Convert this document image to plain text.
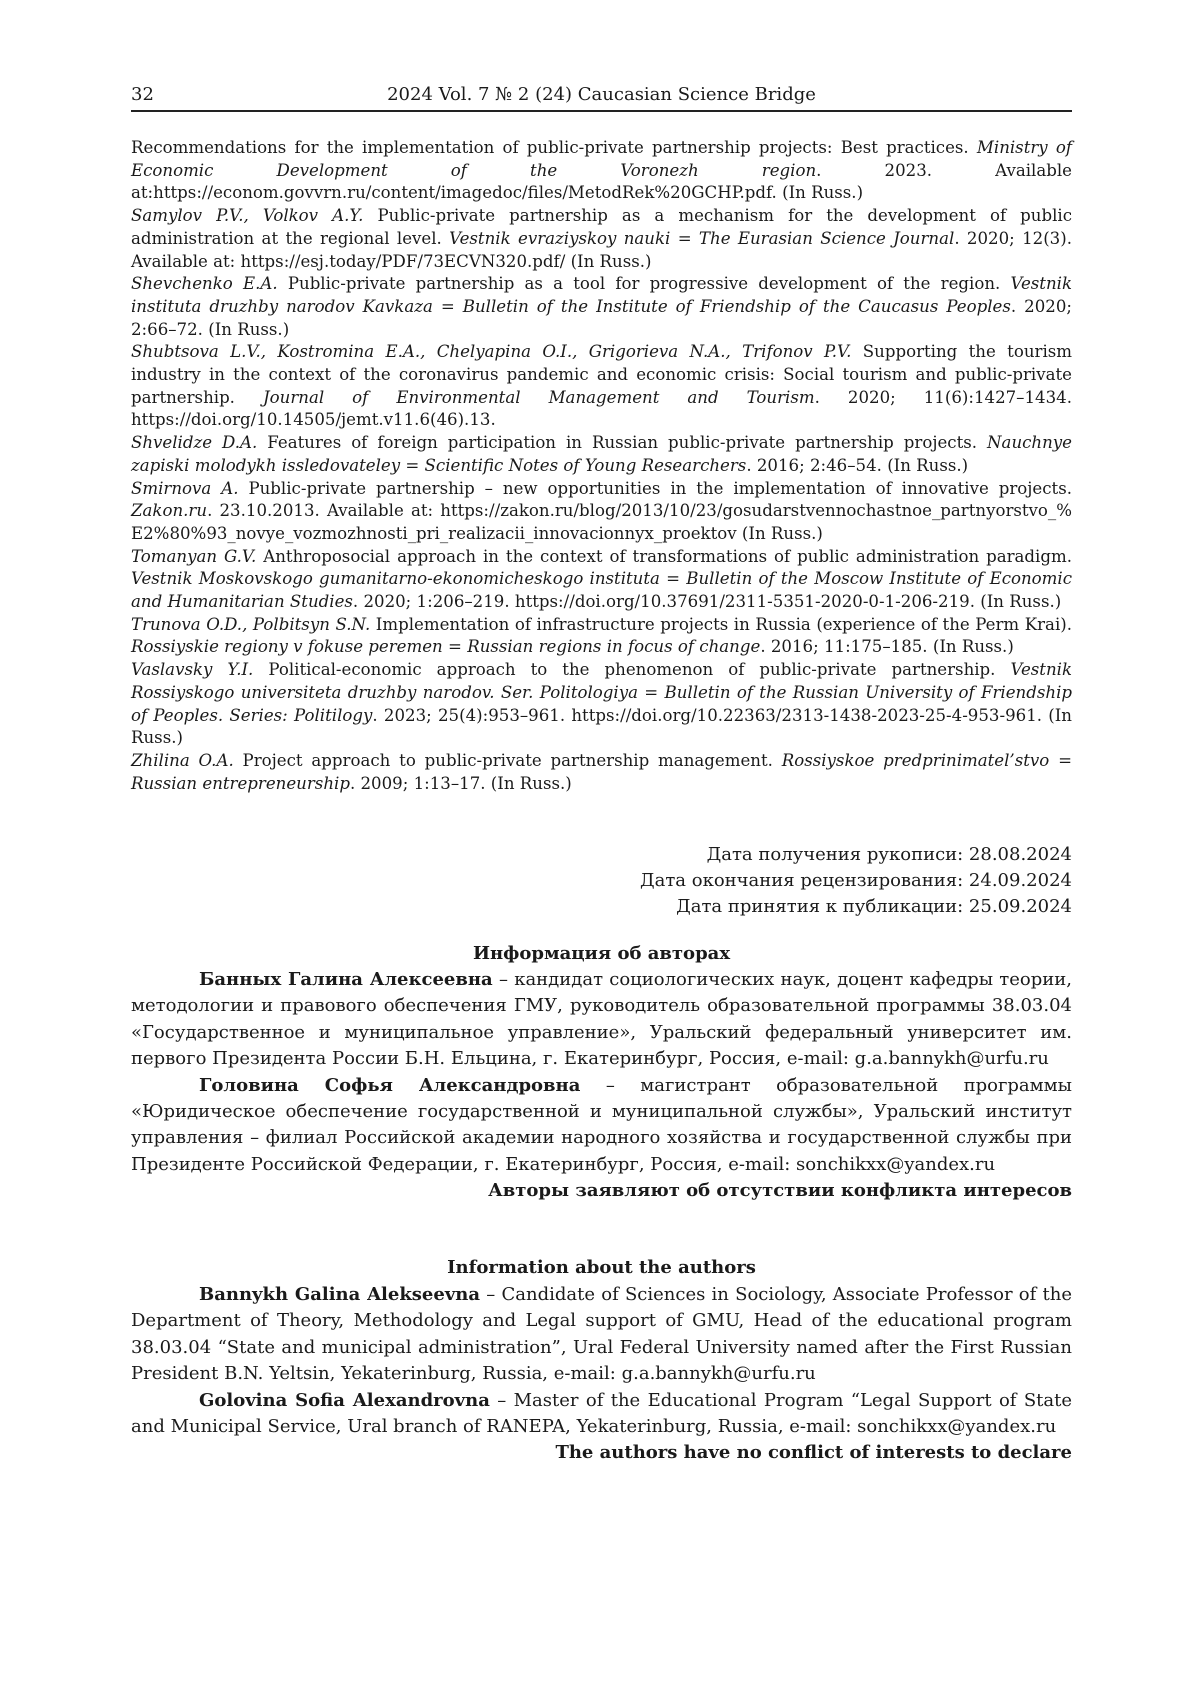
32	2024 Vol. 7 № 2 (24) Caucasian Science Bridge

Recommendations for the implementation of public-private partnership projects: Best practices. Ministry of Economic Development of the Voronezh region. 2023. Available at:https://econom.govvrn.ru/content/imagedoc/files/MetodRek%20GCHP.pdf. (In Russ.)

Samylov P.V., Volkov A.Y. Public-private partnership as a mechanism for the development of public administration at the regional level. Vestnik evraziyskoy nauki = The Eurasian Science Journal. 2020; 12(3). Available at: https://esj.today/PDF/73ECVN320.pdf/ (In Russ.)

Shevchenko E.A. Public-private partnership as a tool for progressive development of the region. Vestnik instituta druzhby narodov Kavkaza = Bulletin of the Institute of Friendship of the Caucasus Peoples. 2020; 2:66–72. (In Russ.)

Shubtsova L.V., Kostromina E.A., Chelyapina O.I., Grigorieva N.A., Trifonov P.V. Supporting the tourism industry in the context of the coronavirus pandemic and economic crisis: Social tourism and public-private partnership. Journal of Environmental Management and Tourism. 2020; 11(6):1427–1434. https://doi.org/10.14505/jemt.v11.6(46).13.

Shvelidze D.A. Features of foreign participation in Russian public-private partnership projects. Nauchnye zapiski molodykh issledovateley = Scientific Notes of Young Researchers. 2016; 2:46–54. (In Russ.)

Smirnova A. Public-private partnership – new opportunities in the implementation of innovative projects. Zakon.ru. 23.10.2013. Available at: https://zakon.ru/blog/2013/10/23/gosudarstvennochastnoe_partnyorstvo_%E2%80%93_novye_vozmozhnosti_pri_realizacii_innovacionnyx_proektov (In Russ.)

Tomanyan G.V. Anthroposocial approach in the context of transformations of public administration paradigm. Vestnik Moskovskogo gumanitarno-ekonomicheskogo instituta = Bulletin of the Moscow Institute of Economic and Humanitarian Studies. 2020; 1:206–219. https://doi.org/10.37691/2311-5351-2020-0-1-206-219. (In Russ.)

Trunova O.D., Polbitsyn S.N. Implementation of infrastructure projects in Russia (experience of the Perm Krai). Rossiyskie regiony v fokuse peremen = Russian regions in focus of change. 2016; 11:175–185. (In Russ.)

Vaslavsky Y.I. Political-economic approach to the phenomenon of public-private partnership. Vestnik Rossiyskogo universiteta druzhby narodov. Ser. Politologiya = Bulletin of the Russian University of Friendship of Peoples. Series: Politilogy. 2023; 25(4):953–961. https://doi.org/10.22363/2313-1438-2023-25-4-953-961. (In Russ.)

Zhilina O.A. Project approach to public-private partnership management. Rossiyskoe predprinimatel’stvo = Russian entrepreneurship. 2009; 1:13–17. (In Russ.)

Дата получения рукописи: 28.08.2024
Дата окончания рецензирования: 24.09.2024
Дата принятия к публикации: 25.09.2024
Информация об авторах

Банных Галина Алексеевна – кандидат социологических наук, доцент кафедры теории, методологии и правового обеспечения ГМУ, руководитель образовательной программы 38.03.04 «Государственное и муниципальное управление», Уральский федеральный университет им. первого Президента России Б.Н. Ельцина, г. Екатеринбург, Россия, e-mail: g.a.bannykh@urfu.ru

Головина Софья Александровна – магистрант образовательной программы «Юридическое обеспечение государственной и муниципальной службы», Уральский институт управления – филиал Российской академии народного хозяйства и государственной службы при Президенте Российской Федерации, г. Екатеринбург, Россия, e-mail: sonchikxx@yandex.ru

Авторы заявляют об отсутствии конфликта интересов

Information about the authors

Bannykh Galina Alekseevna – Candidate of Sciences in Sociology, Associate Professor of the Department of Theory, Methodology and Legal support of GMU, Head of the educational program 38.03.04 “State and municipal administration”, Ural Federal University named after the First Russian President B.N. Yeltsin, Yekaterinburg, Russia, e-mail: g.a.bannykh@urfu.ru

Golovina Sofia Alexandrovna – Master of the Educational Program “Legal Support of State and Municipal Service, Ural branch of RANEPA, Yekaterinburg, Russia, e-mail: sonchikxx@yandex.ru

The authors have no conflict of interests to declare
